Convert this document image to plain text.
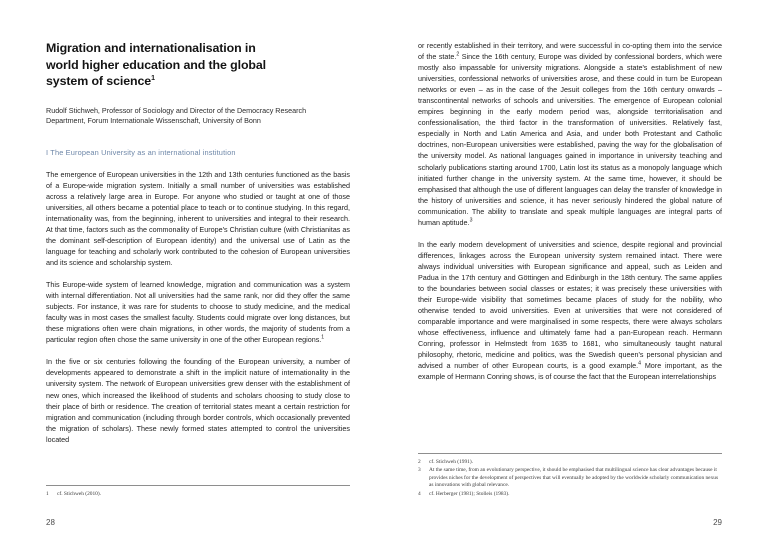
Migration and internationalisation in
world higher education and the global
system of science$^1$

Rudolf Stichweh, Professor of Sociology and Director of the Democracy Research Department, Forum Internationale Wissenschaft, University of Bonn

I The European University as an international institution

The emergence of European universities in the 12th and 13th centuries functioned as the basis of a Europe-wide migration system. Initially a small number of universities was established across a relatively large area in Europe. For anyone who studied or taught at one of those universities, all others became a potential place to teach or to continue studying. In this regard, internationality was, from the beginning, inherent to universities and integral to their research. At that time, factors such as the commonality of Europe's Christian culture (with Christianitas as the dominant self-description of European identity) and the universal use of Latin as the language for teaching and scholarly work contributed to the cohesion of European universities and its science and scholarship system.

This Europe-wide system of learned knowledge, migration and communication was a system with internal differentiation. Not all universities had the same rank, nor did they offer the same subjects. For instance, it was rare for students to choose to study medicine, and the medical faculty was in most cases the smallest faculty. Students could migrate over long distances, but these migrations often were chain migrations, in other words, the majority of students from a particular region often chose the same university in one of the other European regions.$^1$

In the five or six centuries following the founding of the European university, a number of developments appeared to demonstrate a shift in the implicit nature of internationality in the university system. The network of European universities grew denser with the establishment of new ones, which increased the likelihood of students and scholars choosing to study close to their place of birth or residence. The creation of territorial states meant a certain restriction for migration and communication (including through border controls, which occasionally prevented the migration of scholars). These newly formed states attempted to control the universities located

1	cf. Stichweh (2010).
28

or recently established in their territory, and were successful in co-opting them into the service of the state.$^2$ Since the 16th century, Europe was divided by confessional borders, which were mostly also impassable for university migrations. Alongside a state's establishment of new universities, confessional networks of universities arose, and these could in turn be European networks or even – as in the case of the Jesuit colleges from the 16th century onwards – transcontinental networks of schools and universities. The emergence of European colonial empires beginning in the early modern period was, alongside territorialisation and confessionalisation, the third factor in the transformation of universities. Relatively fast, especially in North and Latin America and Asia, and under both Protestant and Catholic doctrines, non-European universities were established, paving the way for the globalisation of the university model. As national languages gained in importance in university teaching and scholarly publications starting around 1700, Latin lost its status as a monopoly language which initiated further change in the university system. At the same time, however, it should be emphasised that although the use of different languages can delay the transfer of knowledge in the history of universities and science, it has never seriously hindered the global nature of communication. The ability to translate and speak multiple languages are integral parts of human aptitude.$^3$

In the early modern development of universities and science, despite regional and provincial differences, linkages across the European university system remained intact. There were always individual universities with European significance and appeal, such as Leiden and Padua in the 17th century and Göttingen and Edinburgh in the 18th century. The same applies to the boundaries between social classes or estates; it was precisely these universities with their Europe-wide visibility that sometimes became places of study for the nobility, who otherwise tended to avoid universities. Even at universities that were not considered of comparable importance and were marginalised in some respects, there were always scholars whose effectiveness, influence and ultimately fame had a pan-European reach. Hermann Conring, professor in Helmstedt from 1635 to 1681, who simultaneously taught natural philosophy, rhetoric, medicine and politics, was the Swedish queen's personal physician and advised a number of other European courts, is a good example.$^4$ More important, as the example of Hermann Conring shows, is of course the fact that the European interrelationships

2	cf. Stichweh (1991).
3	At the same time, from an evolutionary perspective, it should be emphasised that multilingual science has clear advantages because it provides niches for the development of perspectives that will eventually be adopted by the worldwide scholarly communication nexus as innovations with global relevance.
4	cf. Herberger (1981); Stolleis (1983).
29
